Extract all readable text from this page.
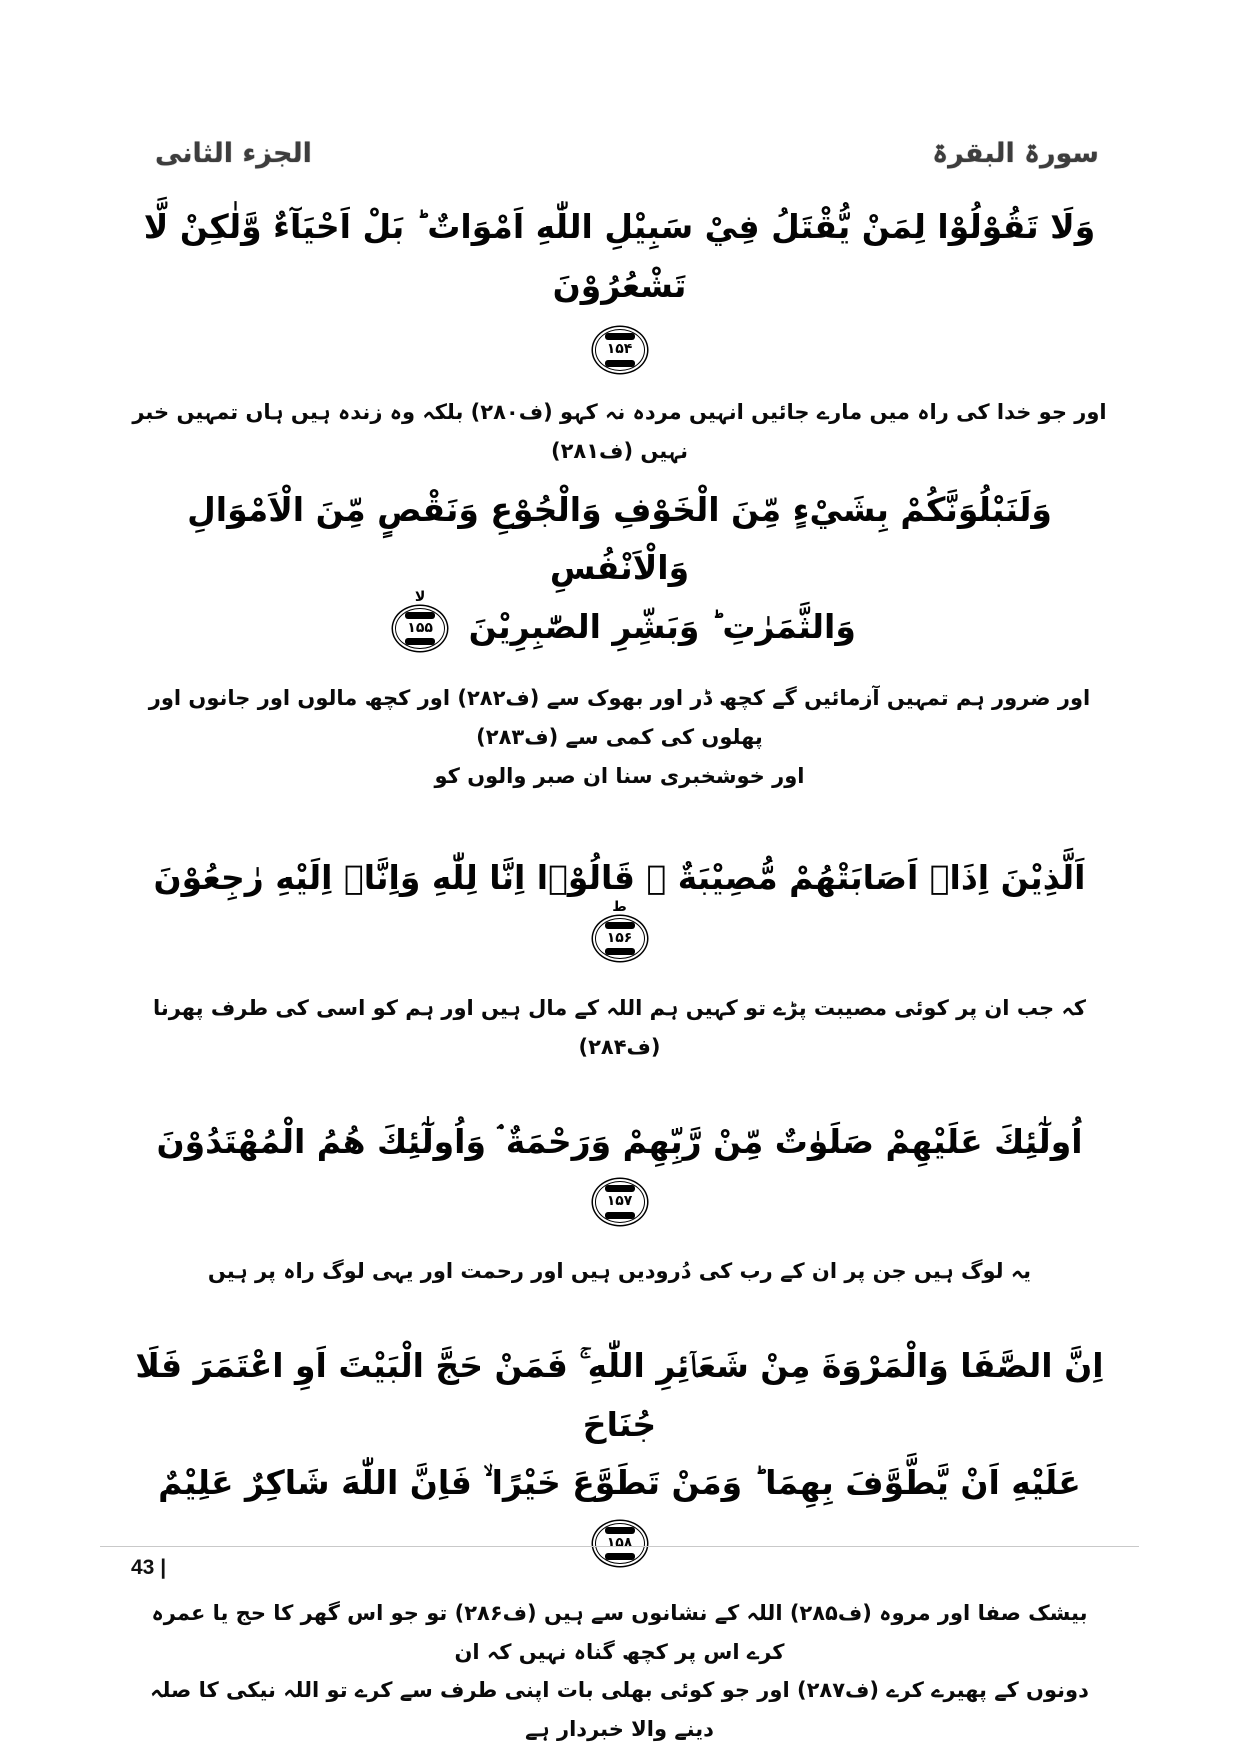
الجزء الثانی	سورۃ البقرۃ
وَلَا تَقُوْلُوْا لِمَنْ يُّقْتَلُ فِيْ سَبِيْلِ اللّٰهِ اَمْوَاتٌ ؕ بَلْ اَحْيَآءٌ وَّلٰكِنْ لَّا تَشْعُرُوْنَ
۱۵۴
اور جو خدا کی راہ میں مارے جائیں انہیں مردہ نہ کہو (ف۲۸۰) بلکہ وہ زندہ ہیں ہاں تمہیں خبر نہیں (ف۲۸۱)
وَلَنَبْلُوَنَّكُمْ بِشَيْءٍ مِّنَ الْخَوْفِ وَالْجُوْعِ وَنَقْصٍ مِّنَ الْاَمْوَالِ وَالْاَنْفُسِ
وَالثَّمَرٰتِ ؕ وَبَشِّرِ الصّٰبِرِيْنَ
لا
۱۵۵
اور ضرور ہم تمہیں آزمائیں گے کچھ ڈر اور بھوک سے (ف۲۸۲) اور کچھ مالوں اور جانوں اور پھلوں کی کمی سے (ف۲۸۳)
اور خوشخبری سنا ان صبر والوں کو
اَلَّذِيْنَ اِذَاۤ اَصَابَتْهُمْ مُّصِيْبَةٌ ۙ قَالُوْۤا اِنَّا لِلّٰهِ وَاِنَّاۤ اِلَيْهِ رٰجِعُوْنَ
ط
۱۵۶
کہ جب ان پر کوئی مصیبت پڑے تو کہیں ہم اللہ کے مال ہیں اور ہم کو اسی کی طرف پھرنا (ف۲۸۴)
اُولٰٓئِكَ عَلَيْهِمْ صَلَوٰتٌ مِّنْ رَّبِّهِمْ وَرَحْمَةٌ ۘ وَاُولٰٓئِكَ هُمُ الْمُهْتَدُوْنَ
۱۵۷
یہ لوگ ہیں جن پر ان کے رب کی دُرودیں ہیں اور رحمت اور یہی لوگ راہ پر ہیں
اِنَّ الصَّفَا وَالْمَرْوَةَ مِنْ شَعَاۤئِرِ اللّٰهِ ۚ فَمَنْ حَجَّ الْبَيْتَ اَوِ اعْتَمَرَ فَلَا جُنَاحَ
عَلَيْهِ اَنْ يَّطَّوَّفَ بِهِمَا ؕ وَمَنْ تَطَوَّعَ خَيْرًا ۙ فَاِنَّ اللّٰهَ شَاكِرٌ عَلِيْمٌ
۱۵۸
بیشک صفا اور مروہ (ف۲۸۵) اللہ کے نشانوں سے ہیں (ف۲۸۶) تو جو اس گھر کا حج یا عمرہ کرے اس پر کچھ گناہ نہیں کہ ان
دونوں کے پھیرے کرے (ف۲۸۷) اور جو کوئی بھلی بات اپنی طرف سے کرے تو اللہ نیکی کا صلہ دینے والا خبردار ہے
43 |
